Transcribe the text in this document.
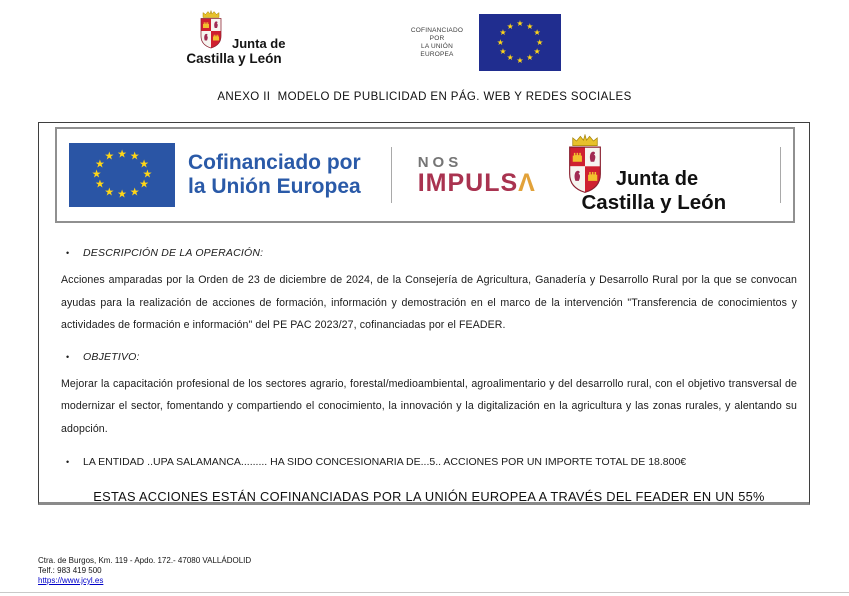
Junta de
Castilla y León
COFINANCIADO POR
LA UNIÓN EUROPEA
★ ★
★
★
★
★
★
★
★
★
★
★
ANEXO II  MODELO DE PUBLICIDAD EN PÁG. WEB Y REDES SOCIALES
★ ★
★
★
★
★
★
★
★
★
★
★	Cofinanciado por
la Unión Europea
NOS
IMPULSΛ	Junta de
Castilla y León
•	DESCRIPCIÓN DE LA OPERACIÓN:

Acciones amparadas por la Orden de 23 de diciembre de 2024, de la Consejería de Agricultura, Ganadería y Desarrollo Rural por la que se convocan ayudas para la realización de acciones de formación, información y demostración en el marco de la intervención "Transferencia de conocimientos y actividades de formación e información" del PE PAC 2023/27, cofinanciadas por el FEADER.

•	OBJETIVO:

Mejorar la capacitación profesional de los sectores agrario, forestal/medioambiental, agroalimentario y del desarrollo rural, con el objetivo transversal de modernizar el sector, fomentando y compartiendo el conocimiento, la innovación y la digitalización en la agricultura y las zonas rurales, y alentando su adopción.

•	LA ENTIDAD ..UPA SALAMANCA......... HA SIDO CONCESIONARIA DE...5.. ACCIONES POR UN IMPORTE TOTAL DE 18.800€

ESTAS ACCIONES ESTÁN COFINANCIADAS POR LA UNIÓN EUROPEA A TRAVÉS DEL FEADER EN UN 55%

Ctra. de Burgos, Km. 119 - Apdo. 172.- 47080 VALLÁDOLID
Telf.: 983 419 500
https://www.jcyl.es
